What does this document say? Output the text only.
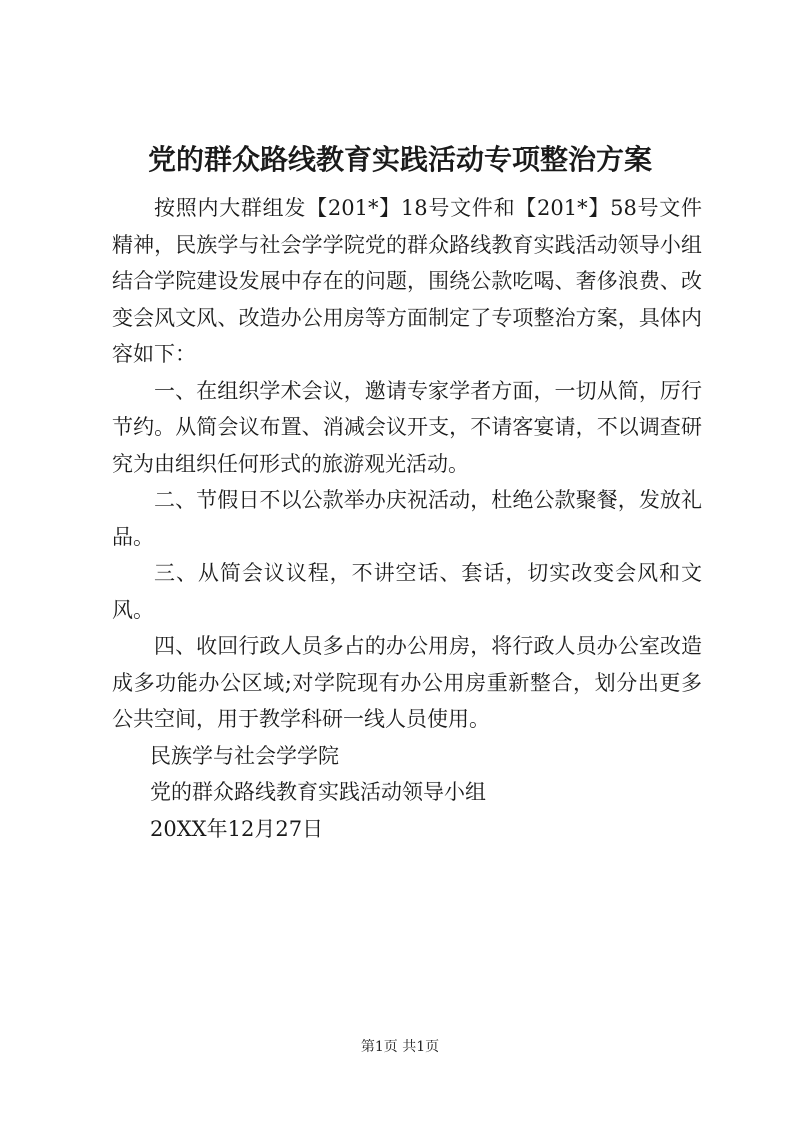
党的群众路线教育实践活动专项整治方案

按照内大群组发【201*】18号文件和【201*】58号文件精神，民族学与社会学学院党的群众路线教育实践活动领导小组结合学院建设发展中存在的问题，围绕公款吃喝、奢侈浪费、改变会风文风、改造办公用房等方面制定了专项整治方案，具体内容如下：

一、在组织学术会议，邀请专家学者方面，一切从简，厉行节约。从简会议布置、消减会议开支，不请客宴请，不以调查研究为由组织任何形式的旅游观光活动。

二、节假日不以公款举办庆祝活动，杜绝公款聚餐，发放礼品。

三、从简会议议程，不讲空话、套话，切实改变会风和文风。

四、收回行政人员多占的办公用房，将行政人员办公室改造成多功能办公区域;对学院现有办公用房重新整合，划分出更多公共空间，用于教学科研一线人员使用。

民族学与社会学学院

党的群众路线教育实践活动领导小组

20XX年12月27日

第1页 共1页
